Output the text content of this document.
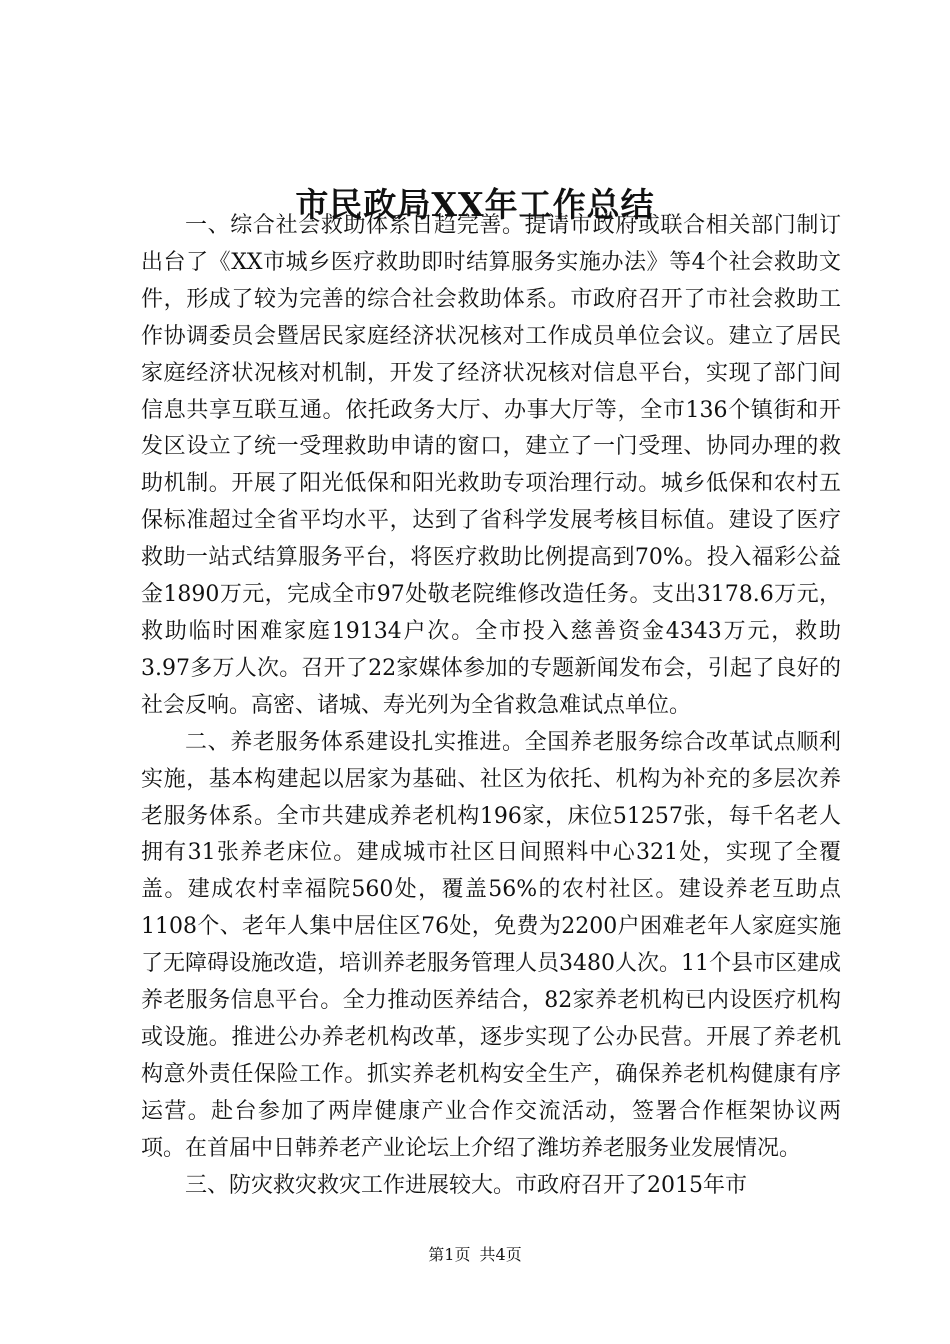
市民政局XX年工作总结

一、综合社会救助体系日趋完善。提请市政府或联合相关部门制订出台了《XX市城乡医疗救助即时结算服务实施办法》等4个社会救助文件，形成了较为完善的综合社会救助体系。市政府召开了市社会救助工作协调委员会暨居民家庭经济状况核对工作成员单位会议。建立了居民家庭经济状况核对机制，开发了经济状况核对信息平台，实现了部门间信息共享互联互通。依托政务大厅、办事大厅等，全市136个镇街和开发区设立了统一受理救助申请的窗口，建立了一门受理、协同办理的救助机制。开展了阳光低保和阳光救助专项治理行动。城乡低保和农村五保标准超过全省平均水平，达到了省科学发展考核目标值。建设了医疗救助一站式结算服务平台，将医疗救助比例提高到70%。投入福彩公益金1890万元，完成全市97处敬老院维修改造任务。支出3178.6万元，救助临时困难家庭19134户次。全市投入慈善资金4343万元，救助3.97多万人次。召开了22家媒体参加的专题新闻发布会，引起了良好的社会反响。高密、诸城、寿光列为全省救急难试点单位。

二、养老服务体系建设扎实推进。全国养老服务综合改革试点顺利实施，基本构建起以居家为基础、社区为依托、机构为补充的多层次养老服务体系。全市共建成养老机构196家，床位51257张，每千名老人拥有31张养老床位。建成城市社区日间照料中心321处，实现了全覆盖。建成农村幸福院560处，覆盖56%的农村社区。建设养老互助点1108个、老年人集中居住区76处，免费为2200户困难老年人家庭实施了无障碍设施改造，培训养老服务管理人员3480人次。11个县市区建成养老服务信息平台。全力推动医养结合，82家养老机构已内设医疗机构或设施。推进公办养老机构改革，逐步实现了公办民营。开展了养老机构意外责任保险工作。抓实养老机构安全生产，确保养老机构健康有序运营。赴台参加了两岸健康产业合作交流活动，签署合作框架协议两项。在首届中日韩养老产业论坛上介绍了潍坊养老服务业发展情况。

三、防灾救灾救灾工作进展较大。市政府召开了2015年市

第1页 共4页
